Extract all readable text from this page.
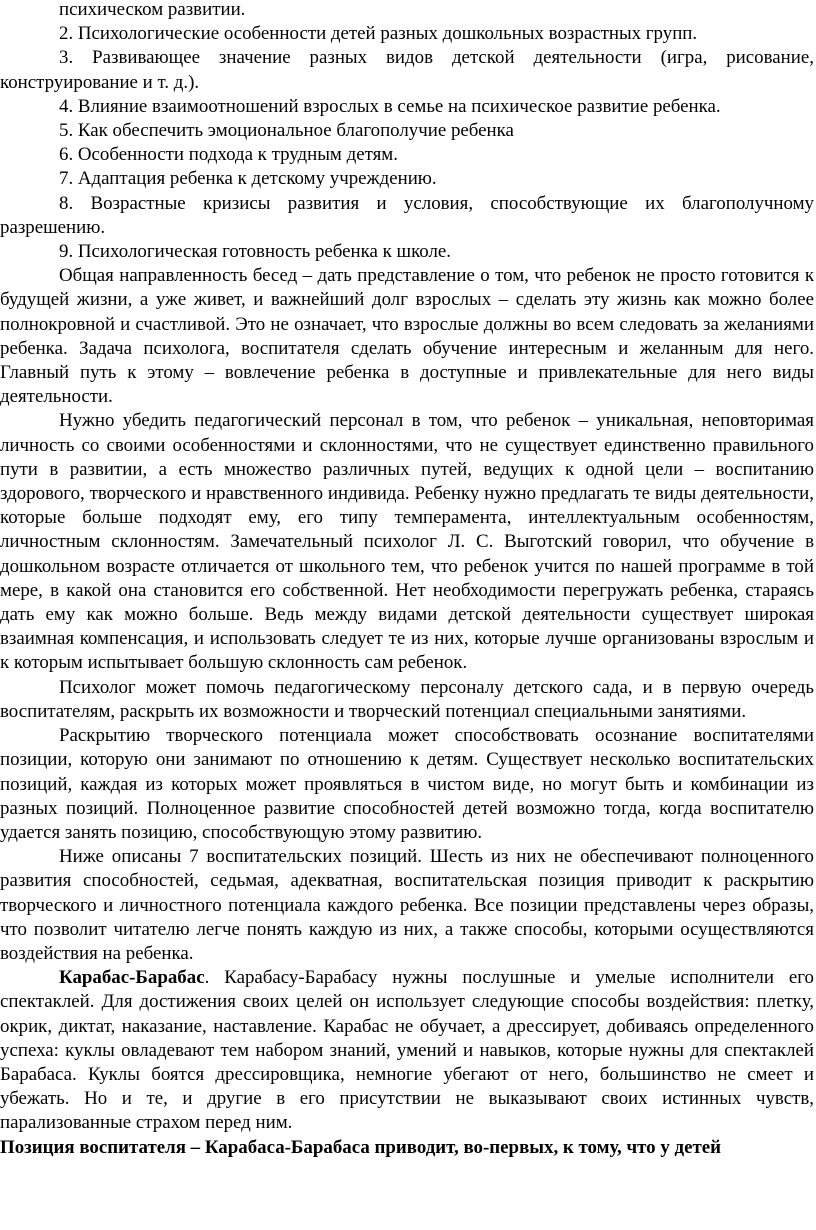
психическом развитии.

2. Психологические особенности детей разных дошкольных возрастных групп.

3. Развивающее значение разных видов детской деятельности (игра, рисование, конструирование и т. д.).

4. Влияние взаимоотношений взрослых в семье на психическое развитие ребенка.

5. Как обеспечить эмоциональное благополучие ребенка

6. Особенности подхода к трудным детям.

7. Адаптация ребенка к детскому учреждению.

8. Возрастные кризисы развития и условия, способствующие их благополучному разрешению.

9. Психологическая готовность ребенка к школе.

Общая направленность бесед – дать представление о том, что ребенок не просто готовится к будущей жизни, а уже живет, и важнейший долг взрослых – сделать эту жизнь как можно более полнокровной и счастливой. Это не означает, что взрослые должны во всем следовать за желаниями ребенка. Задача психолога, воспитателя сделать обучение интересным и желанным для него. Главный путь к этому – вовлечение ребенка в доступные и привлекательные для него виды деятельности.

Нужно убедить педагогический персонал в том, что ребенок – уникальная, неповторимая личность со своими особенностями и склонностями, что не существует единственно правильного пути в развитии, а есть множество различных путей, ведущих к одной цели – воспитанию здорового, творческого и нравственного индивида. Ребенку нужно предлагать те виды деятельности, которые больше подходят ему, его типу темперамента, интеллектуальным особенностям, личностным склонностям. Замечательный психолог Л. С. Выготский говорил, что обучение в дошкольном возрасте отличается от школьного тем, что ребенок учится по нашей программе в той мере, в какой она становится его собственной. Нет необходимости перегружать ребенка, стараясь дать ему как можно больше. Ведь между видами детской деятельности существует широкая взаимная компенсация, и использовать следует те из них, которые лучше организованы взрослым и к которым испытывает большую склонность сам ребенок.

Психолог может помочь педагогическому персоналу детского сада, и в первую очередь воспитателям, раскрыть их возможности и творческий потенциал специальными занятиями.

Раскрытию творческого потенциала может способствовать осознание воспитателями позиции, которую они занимают по отношению к детям. Существует несколько воспитательских позиций, каждая из которых может проявляться в чистом виде, но могут быть и комбинации из разных позиций. Полноценное развитие способностей детей возможно тогда, когда воспитателю удается занять позицию, способствующую этому развитию.

Ниже описаны 7 воспитательских позиций. Шесть из них не обеспечивают полноценного развития способностей, седьмая, адекватная, воспитательская позиция приводит к раскрытию творческого и личностного потенциала каждого ребенка. Все позиции представлены через образы, что позволит читателю легче понять каждую из них, а также способы, которыми осуществляются воздействия на ребенка.

Карабас-Барабас. Карабасу-Барабасу нужны послушные и умелые исполнители его спектаклей. Для достижения своих целей он использует следующие способы воздействия: плетку, окрик, диктат, наказание, наставление. Карабас не обучает, а дрессирует, добиваясь определенного успеха: куклы овладевают тем набором знаний, умений и навыков, которые нужны для спектаклей Барабаса. Куклы боятся дрессировщика, немногие убегают от него, большинство не смеет и убежать. Но и те, и другие в его присутствии не выказывают своих истинных чувств, парализованные страхом перед ним.

Позиция воспитателя – Карабаса-Барабаса приводит, во-первых, к тому, что у детей
